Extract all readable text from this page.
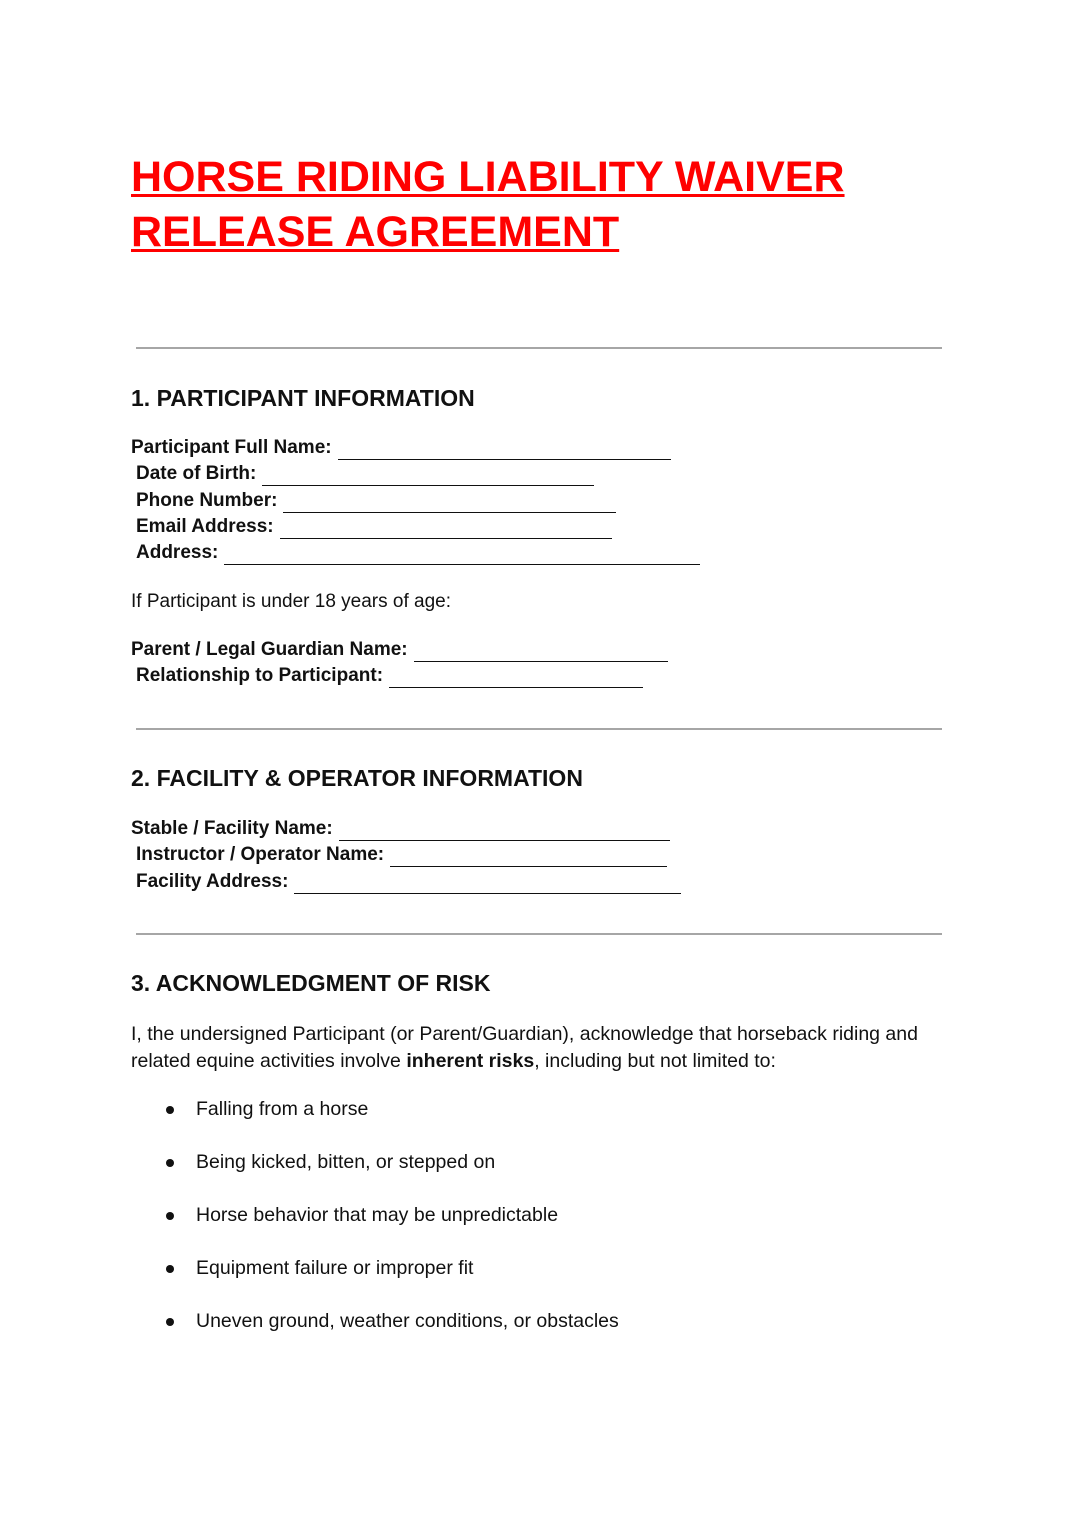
HORSE RIDING LIABILITY WAIVER
RELEASE AGREEMENT
1. PARTICIPANT INFORMATION
Participant Full Name:
Date of Birth:
Phone Number:
Email Address:
Address:
If Participant is under 18 years of age:
Parent / Legal Guardian Name:
Relationship to Participant:
2. FACILITY & OPERATOR INFORMATION
Stable / Facility Name:
Instructor / Operator Name:
Facility Address:
3. ACKNOWLEDGMENT OF RISK

I, the undersigned Participant (or Parent/Guardian), acknowledge that horseback riding and related equine activities involve inherent risks, including but not limited to:

Falling from a horse
Being kicked, bitten, or stepped on
Horse behavior that may be unpredictable
Equipment failure or improper fit
Uneven ground, weather conditions, or obstacles
